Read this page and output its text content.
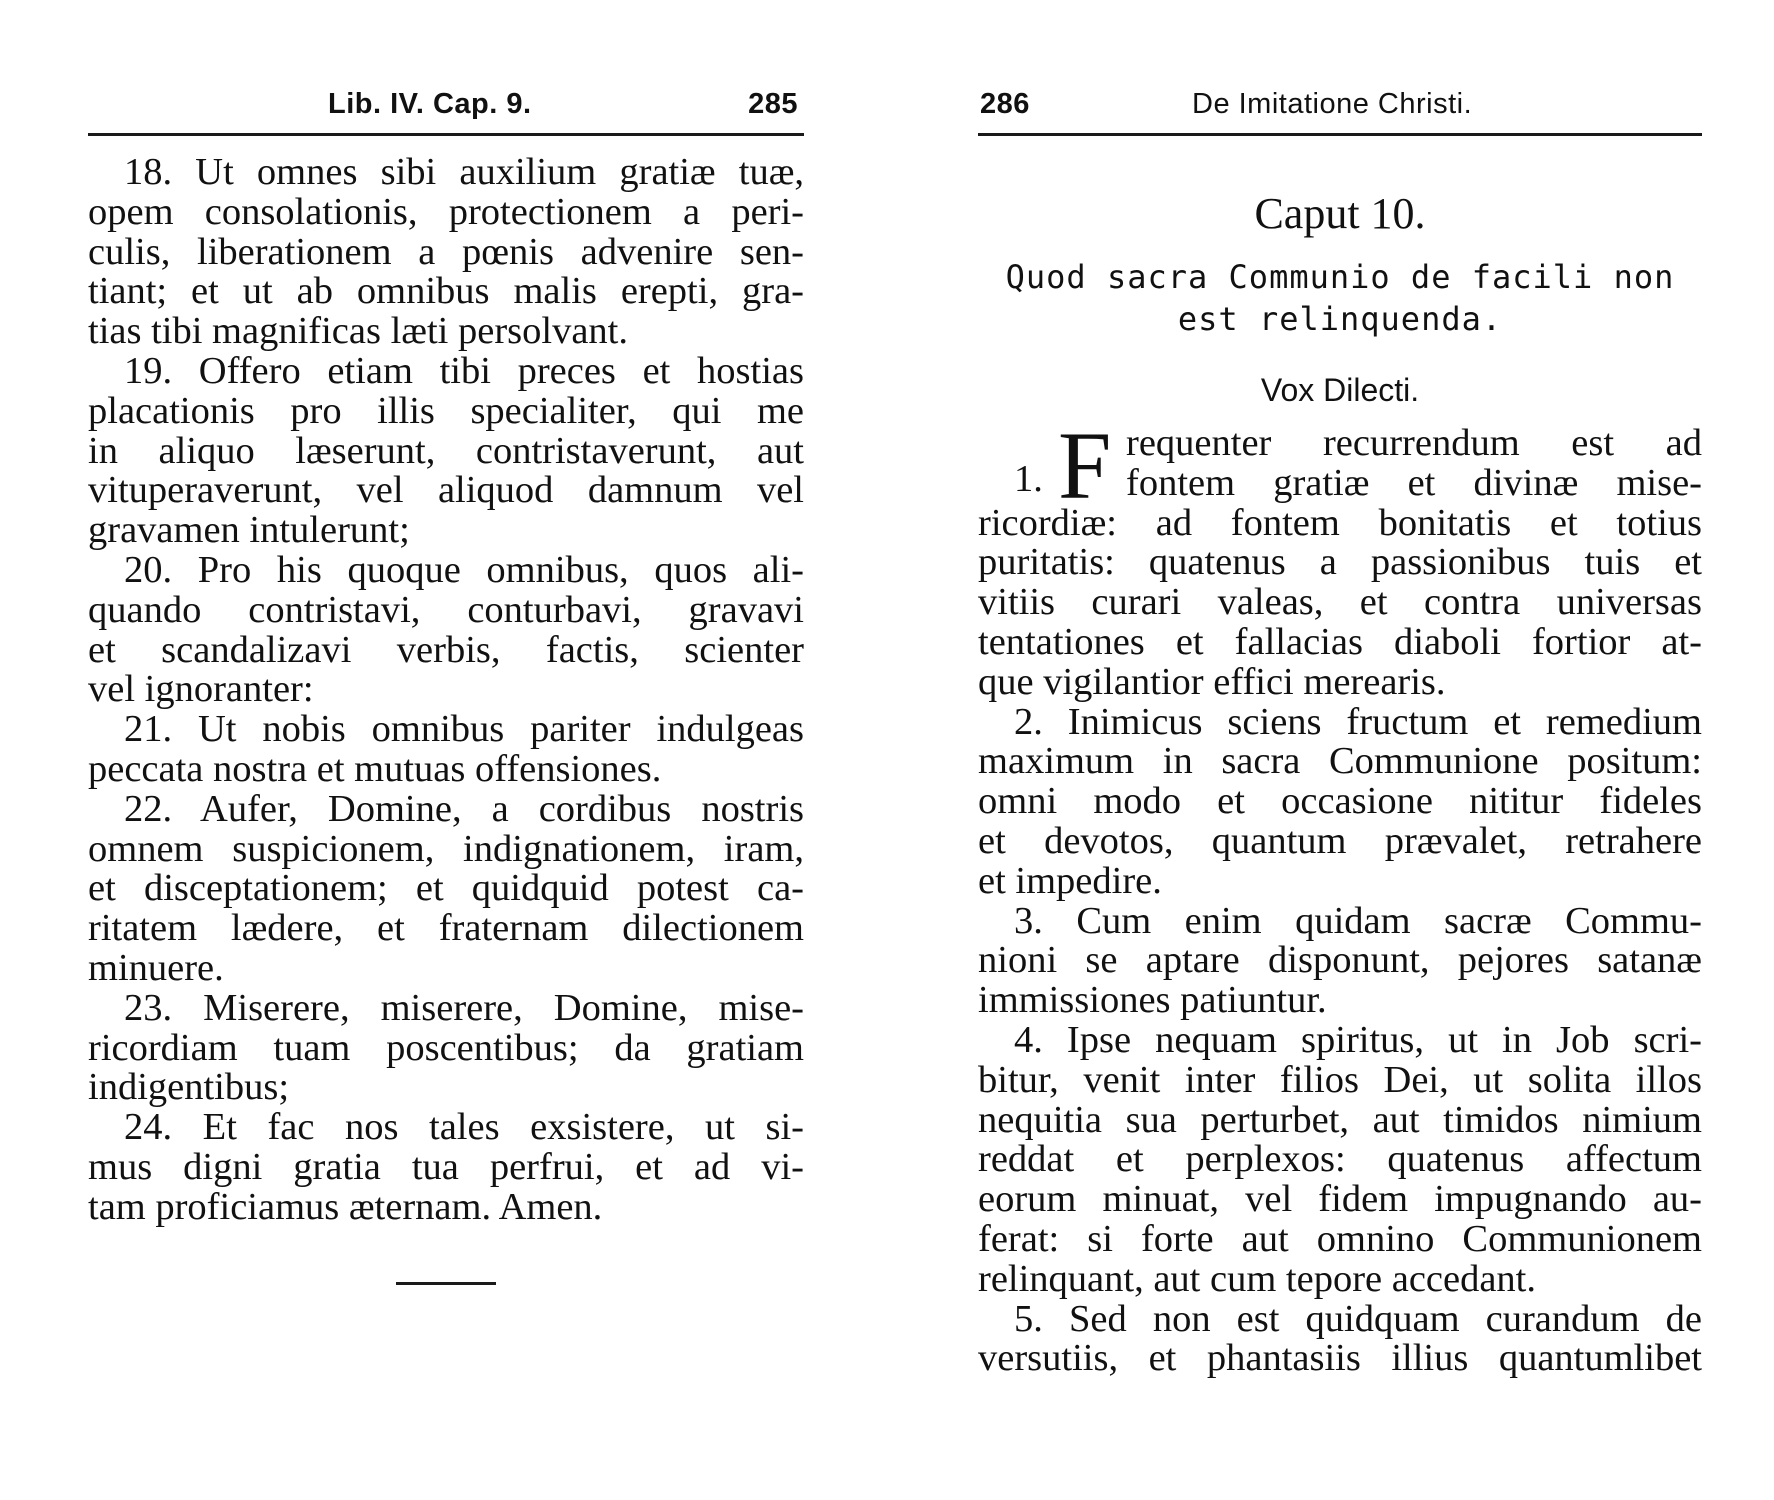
Lib. IV. Cap. 9.	285
18. Ut omnes sibi auxilium gratiæ tuæ,
opem consolationis, protectionem a peri-
culis, liberationem a pœnis advenire sen-
tiant; et ut ab omnibus malis erepti, gra-
tias tibi magnificas læti persolvant.
19. Offero etiam tibi preces et hostias
placationis pro illis specialiter, qui me
in aliquo læserunt, contristaverunt, aut
vituperaverunt, vel aliquod damnum vel
gravamen intulerunt;
20. Pro his quoque omnibus, quos ali-
quando contristavi, conturbavi, gravavi
et scandalizavi verbis, factis, scienter
vel ignoranter:
21. Ut nobis omnibus pariter indulgeas
peccata nostra et mutuas offensiones.
22. Aufer, Domine, a cordibus nostris
omnem suspicionem, indignationem, iram,
et disceptationem; et quidquid potest ca-
ritatem lædere, et fraternam dilectionem
minuere.
23. Miserere, miserere, Domine, mise-
ricordiam tuam poscentibus; da gratiam
indigentibus;
24. Et fac nos tales exsistere, ut si-
mus digni gratia tua perfrui, et ad vi-
tam proficiamus æternam. Amen.
286	De Imitatione Christi.
Caput 10.
Quod sacra Communio de facili non
est relinquenda.
Vox Dilecti.
1. F requenter recurrendum est ad
fontem gratiæ et divinæ mise-
ricordiæ: ad fontem bonitatis et totius
puritatis: quatenus a passionibus tuis et
vitiis curari valeas, et contra universas
tentationes et fallacias diaboli fortior at-
que vigilantior effici merearis.
2. Inimicus sciens fructum et remedium
maximum in sacra Communione positum:
omni modo et occasione nititur fideles
et devotos, quantum prævalet, retrahere
et impedire.
3. Cum enim quidam sacræ Commu-
nioni se aptare disponunt, pejores satanæ
immissiones patiuntur.
4. Ipse nequam spiritus, ut in Job scri-
bitur, venit inter filios Dei, ut solita illos
nequitia sua perturbet, aut timidos nimium
reddat et perplexos: quatenus affectum
eorum minuat, vel fidem impugnando au-
ferat: si forte aut omnino Communionem
relinquant, aut cum tepore accedant.
5. Sed non est quidquam curandum de
versutiis, et phantasiis illius quantumlibet
